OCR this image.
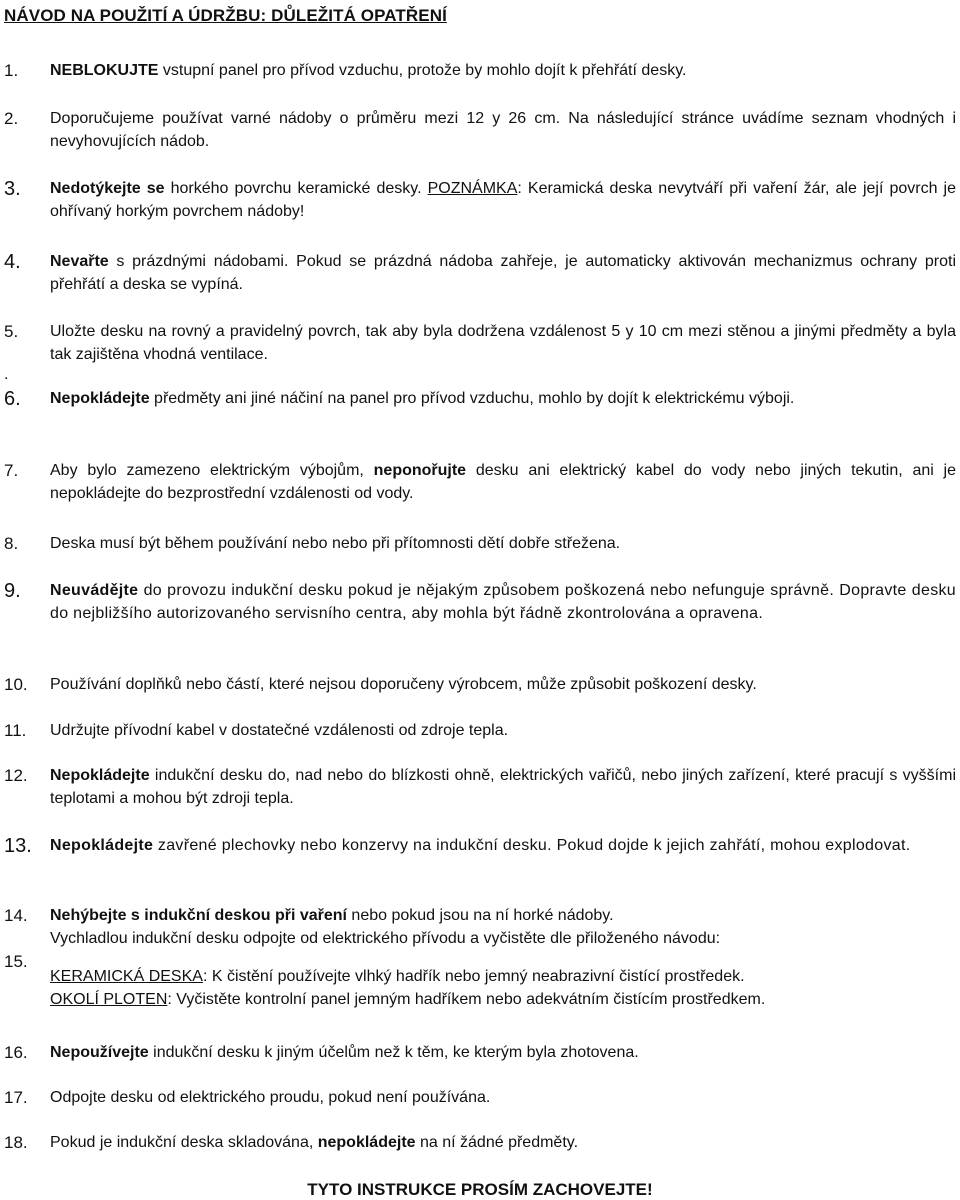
NÁVOD NA POUŽITÍ A ÚDRŽBU: DŮLEŽITÁ OPATŘENÍ
1. NEBLOKUJTE vstupní panel pro přívod vzduchu, protože by mohlo dojít k přehřátí desky.

2. Doporučujeme používat varné nádoby o průměru mezi 12 y 26 cm. Na následující stránce uvádíme seznam vhodných i nevyhovujících nádob.

3. Nedotýkejte se horkého povrchu keramické desky. POZNÁMKA: Keramická deska nevytváří při vaření žár, ale její povrch je ohřívaný horkým povrchem nádoby!

4. Nevařte s prázdnými nádobami. Pokud se prázdná nádoba zahřeje, je automaticky aktivován mechanizmus ochrany proti přehřátí a deska se vypíná.

5. Uložte desku na rovný a pravidelný povrch, tak aby byla dodržena vzdálenost 5 y 10 cm mezi stěnou a jinými předměty a byla tak zajištěna vhodná ventilace.

.
6. Nepokládejte předměty ani jiné náčiní na panel pro přívod vzduchu, mohlo by dojít k elektrickému výboji.

7. Aby bylo zamezeno elektrickým výbojům, neponořujte desku ani elektrický kabel do vody nebo jiných tekutin, ani je nepokládejte do bezprostřední vzdálenosti od vody.

8. Deska musí být během používání nebo nebo při přítomnosti dětí dobře střežena.

9. Neuvádějte do provozu indukční desku pokud je nějakým způsobem poškozená nebo nefunguje správně. Dopravte desku do nejbližšího autorizovaného servisního centra, aby mohla být řádně zkontrolována a opravena.

10. Používání doplňků nebo částí, které nejsou doporučeny výrobcem, může způsobit poškození desky.

11. Udržujte přívodní kabel v dostatečné vzdálenosti od zdroje tepla.

12. Nepokládejte indukční desku do, nad nebo do blízkosti ohně, elektrických vařičů, nebo jiných zařízení, které pracují s vyššími teplotami a mohou být zdroji tepla.

13. Nepokládejte zavřené plechovky nebo konzervy na indukční desku. Pokud dojde k jejich zahřátí, mohou explodovat.

14. Nehýbejte s indukční deskou při vaření nebo pokud jsou na ní horké nádoby.

Vychladlou indukční desku odpojte od elektrického přívodu a vyčistěte dle přiloženého návodu:

KERAMICKÁ DESKA: K čistění používejte vlhký hadřík nebo jemný neabrazivní čistící prostředek.

OKOLÍ PLOTEN: Vyčistěte kontrolní panel jemným hadříkem nebo adekvátním čistícím prostředkem.

15.
16. Nepoužívejte indukční desku k jiným účelům než k těm, ke kterým byla zhotovena.

17. Odpojte desku od elektrického proudu, pokud není používána.

18. Pokud je indukční deska skladována, nepokládejte na ní žádné předměty.

TYTO INSTRUKCE PROSÍM ZACHOVEJTE!
